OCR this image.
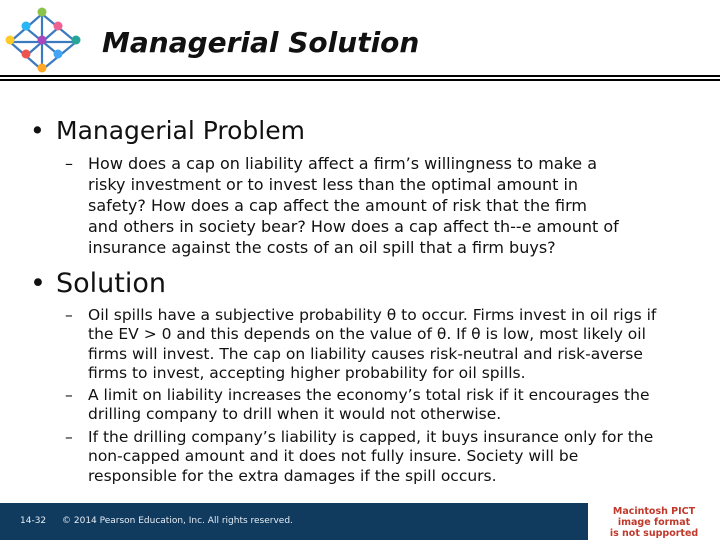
Managerial Solution
• Managerial Problem
– How does a cap on liability affect a firm’s willingness to make a
risky investment or to invest less than the optimal amount in
safety? How does a cap affect the amount of risk that the firm
and others in society bear? How does a cap affect th--e amount of
insurance against the costs of an oil spill that a firm buys?
• Solution
– Oil spills have a subjective probability θ to occur. Firms invest in oil rigs if
the EV > 0 and this depends on the value of θ. If θ is low, most likely oil
firms will invest. The cap on liability causes risk-neutral and risk-averse
firms to invest, accepting higher probability for oil spills.
– A limit on liability increases the economy’s total risk if it encourages the
drilling company to drill when it would not otherwise.
– If the drilling company’s liability is capped, it buys insurance only for the
non-capped amount and it does not fully insure. Society will be
responsible for the extra damages if the spill occurs.
14-32 © 2014 Pearson Education, Inc. All rights reserved.
Macintosh PICT
image format
is not supported
